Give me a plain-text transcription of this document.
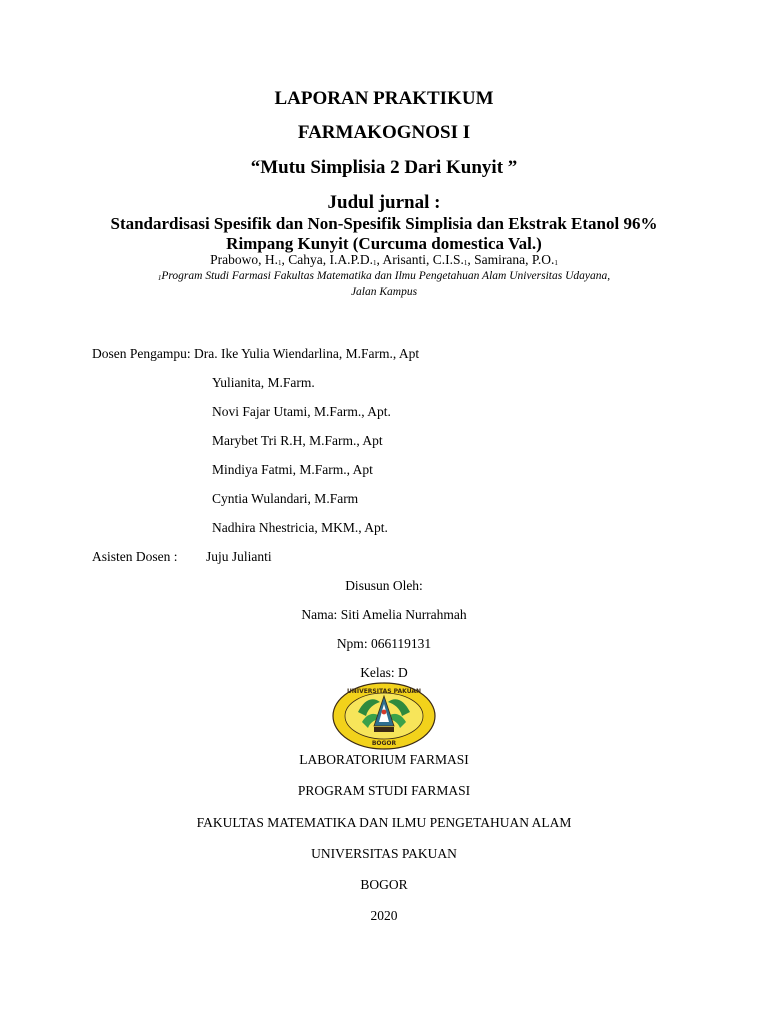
LAPORAN PRAKTIKUM
FARMAKOGNOSI I
“Mutu Simplisia 2 Dari Kunyit ”
Judul jurnal :
Standardisasi Spesifik dan Non-Spesifik Simplisia dan Ekstrak Etanol 96%
Rimpang Kunyit (Curcuma domestica Val.)
Prabowo, $H._1$, Cahya, $I.A.P.D._1$, Arisanti, $C.I.S._1$, Samirana, $P.O._1$
$_1$Program Studi Farmasi Fakultas Matematika dan Ilmu Pengetahuan Alam Universitas Udayana,
Jalan Kampus
Dosen Pengampu: Dra. Ike Yulia Wiendarlina, M.Farm., Apt
Yulianita, M.Farm.
Novi Fajar Utami, M.Farm., Apt.
Marybet Tri R.H, M.Farm., Apt
Mindiya Fatmi, M.Farm., Apt
Cyntia Wulandari, M.Farm
Nadhira Nhestricia, MKM., Apt.
Asisten Dosen : Juju Julianti
Disusun Oleh:
Nama: Siti Amelia Nurrahmah
Npm: 066119131
Kelas: D
UNIVERSITAS PAKUAN
BOGOR
LABORATORIUM FARMASI
PROGRAM STUDI FARMASI
FAKULTAS MATEMATIKA DAN ILMU PENGETAHUAN ALAM
UNIVERSITAS PAKUAN
BOGOR
2020
